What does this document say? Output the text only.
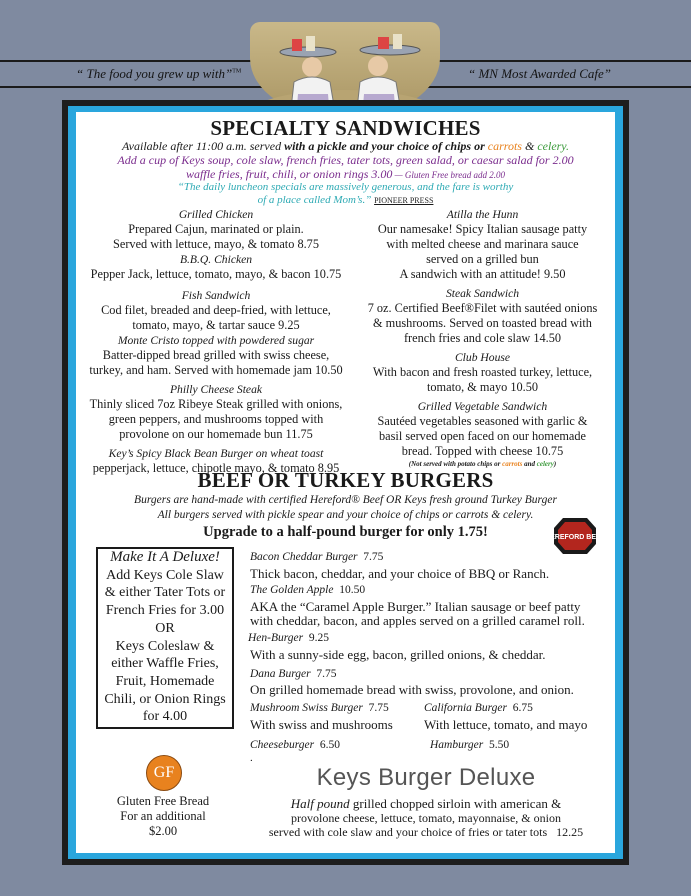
“ The food you grew up with”™	“ MN Most Awarded Cafe”
SPECIALTY SANDWICHES
Available after 11:00 a.m. served with a pickle and your choice of chips or carrots & celery.
Add a cup of Keys soup, cole slaw, french fries, tater tots, green salad, or caesar salad for 2.00
waffle fries, fruit, chili, or onion rings 3.00 — Gluten Free bread add 2.00
“The daily luncheon specials are massively generous, and the fare is worthy
of a place called Mom’s.” PIONEER PRESS
Grilled Chicken
Prepared Cajun, marinated or plain.
Served with lettuce, mayo, & tomato 8.75
B.B.Q. Chicken
Pepper Jack, lettuce, tomato, mayo, & bacon 10.75
Fish Sandwich
Cod filet, breaded and deep-fried, with lettuce,
tomato, mayo, & tartar sauce 9.25
Monte Cristo topped with powdered sugar
Batter-dipped bread grilled with swiss cheese,
turkey, and ham. Served with homemade jam 10.50
Philly Cheese Steak
Thinly sliced 7oz Ribeye Steak grilled with onions,
green peppers, and mushrooms topped with
provolone on our homemade bun 11.75
Key’s Spicy Black Bean Burger on wheat toast
pepperjack, lettuce, chipotle mayo, & tomato 8.95
Atilla the Hunn
Our namesake! Spicy Italian sausage patty
with melted cheese and marinara sauce
served on a grilled bun
A sandwich with an attitude! 9.50
Steak Sandwich
7 oz. Certified Beef®Filet with sautéed onions
& mushrooms. Served on toasted bread with
french fries and cole slaw 14.50
Club House
With bacon and fresh roasted turkey, lettuce,
tomato, & mayo 10.50
Grilled Vegetable Sandwich
Sautéed vegetables seasoned with garlic &
basil served open faced on our homemade
bread. Topped with cheese 10.75
(Not served with potato chips or carrots and celery)
BEEF OR TURKEY BURGERS
Burgers are hand-made with certified Hereford® Beef OR Keys fresh ground Turkey Burger
All burgers served with pickle spear and your choice of chips or carrots & celery.
Upgrade to a half-pound burger for only 1.75!	HEREFORD BEEF
Make It A Deluxe!
Add Keys Cole Slaw
& either Tater Tots or
French Fries for 3.00
OR
Keys Coleslaw &
either Waffle Fries,
Fruit, Homemade
Chili, or Onion Rings
for 4.00
Bacon Cheddar Burger 7.75
Thick bacon, cheddar, and your choice of BBQ or Ranch.
The Golden Apple 10.50
AKA the “Caramel Apple Burger.” Italian sausage or beef patty
with cheddar, bacon, and apples served on a grilled caramel roll.
Hen-Burger 9.25
With a sunny-side egg, bacon, grilled onions, & cheddar.
Dana Burger 7.75
On grilled homemade bread with swiss, provolone, and onion.
Mushroom Swiss Burger 7.75
With swiss and mushrooms
California Burger 6.75
With lettuce, tomato, and mayo
Cheeseburger 6.50	Hamburger 5.50
.
GF
Gluten Free Bread
For an additional
$2.00
Keys Burger Deluxe
Half pound grilled chopped sirloin with american &
provolone cheese, lettuce, tomato, mayonnaise, & onion
served with cole slaw and your choice of fries or tater tots 12.25
